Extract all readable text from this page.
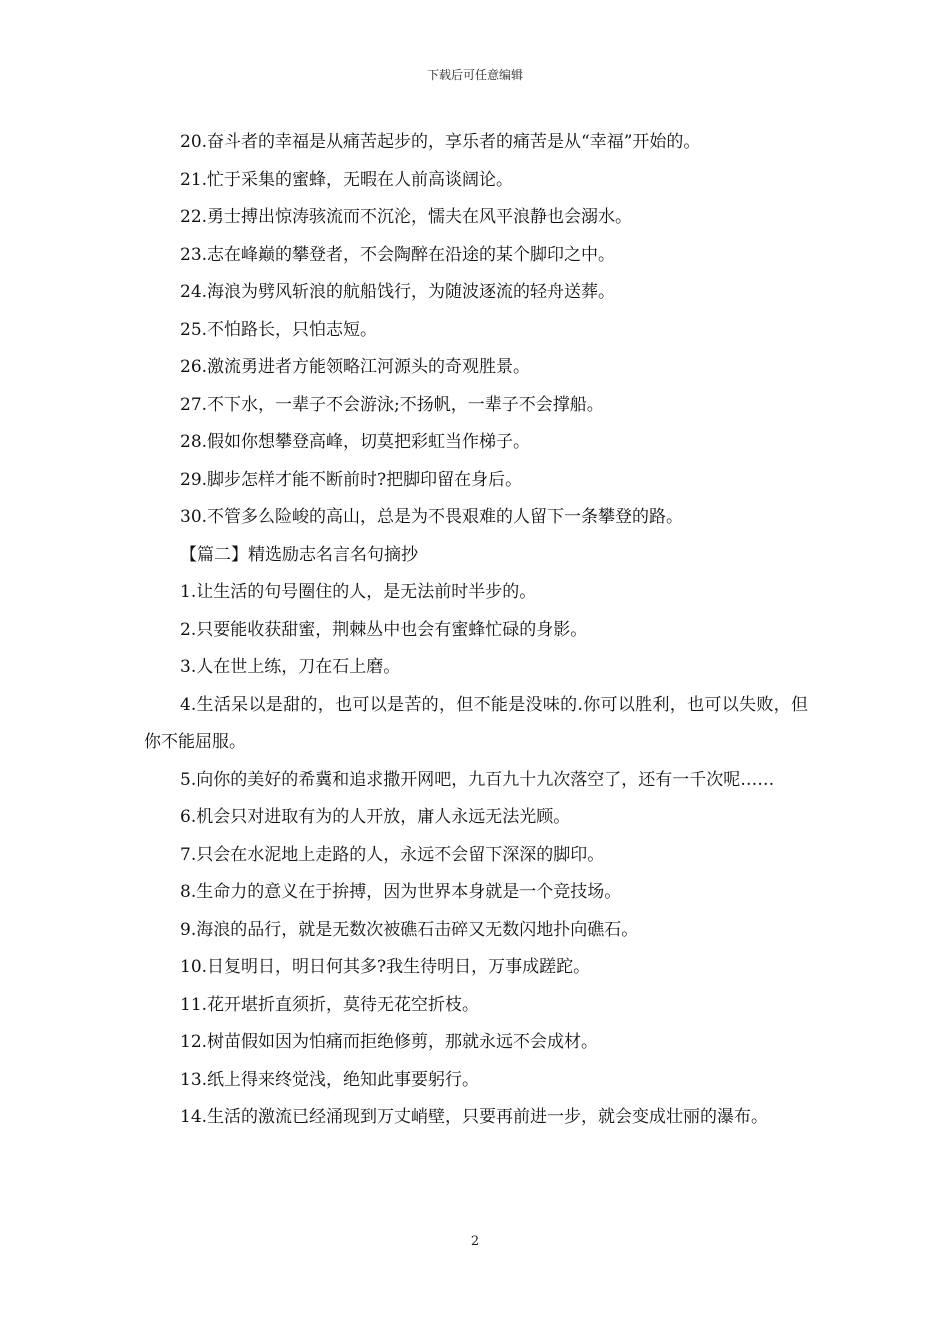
下载后可任意编辑

20.奋斗者的幸福是从痛苦起步的，享乐者的痛苦是从“幸福”开始的。

21.忙于采集的蜜蜂，无暇在人前高谈阔论。

22.勇士搏出惊涛骇流而不沉沦，懦夫在风平浪静也会溺水。

23.志在峰巅的攀登者，不会陶醉在沿途的某个脚印之中。

24.海浪为劈风斩浪的航船饯行，为随波逐流的轻舟送葬。

25.不怕路长，只怕志短。

26.激流勇进者方能领略江河源头的奇观胜景。

27.不下水，一辈子不会游泳;不扬帆，一辈子不会撑船。

28.假如你想攀登高峰，切莫把彩虹当作梯子。

29.脚步怎样才能不断前时?把脚印留在身后。

30.不管多么险峻的高山，总是为不畏艰难的人留下一条攀登的路。

【篇二】精选励志名言名句摘抄

1.让生活的句号圈住的人，是无法前时半步的。

2.只要能收获甜蜜，荆棘丛中也会有蜜蜂忙碌的身影。

3.人在世上练，刀在石上磨。

4.生活呆以是甜的，也可以是苦的，但不能是没味的.你可以胜利，也可以失败，但你不能屈服。

5.向你的美好的希冀和追求撒开网吧，九百九十九次落空了，还有一千次呢……

6.机会只对进取有为的人开放，庸人永远无法光顾。

7.只会在水泥地上走路的人，永远不会留下深深的脚印。

8.生命力的意义在于拚搏，因为世界本身就是一个竞技场。

9.海浪的品行，就是无数次被礁石击碎又无数闪地扑向礁石。

10.日复明日，明日何其多?我生待明日，万事成蹉跎。

11.花开堪折直须折，莫待无花空折枝。

12.树苗假如因为怕痛而拒绝修剪，那就永远不会成材。

13.纸上得来终觉浅，绝知此事要躬行。

14.生活的激流已经涌现到万丈峭壁，只要再前进一步，就会变成壮丽的瀑布。

2
